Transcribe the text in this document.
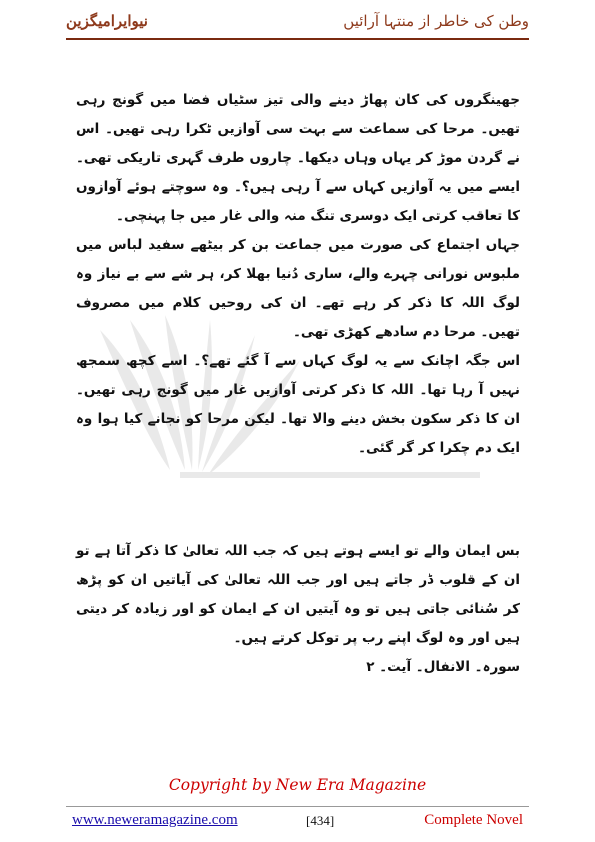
نیوایرامیگزین	وطن کی خاطر از منتہا آرائیں

جھینگروں کی کان پھاڑ دینے والی تیز سٹیاں فضا میں گونج رہی تھیں۔ مرحا کی سماعت سے بہت سی آوازیں ٹکرا رہی تھیں۔ اس نے گردن موڑ کر یہاں وہاں دیکھا۔ چاروں طرف گہری تاریکی تھی۔ ایسے میں یہ آوازیں کہاں سے آ رہی ہیں؟۔ وہ سوچتے ہوئے آوازوں کا تعاقب کرتی ایک دوسری تنگ منہ والی غار میں جا پہنچی۔

جہاں اجتماع کی صورت میں جماعت بن کر بیٹھے سفید لباس میں ملبوس نورانی چہرے والے، ساری دُنیا بھلا کر، ہر شے سے بے نیاز وہ لوگ اللہ کا ذکر کر رہے تھے۔ ان کی روحیں کلام میں مصروف تھیں۔ مرحا دم سادھے کھڑی تھی۔

اس جگہ اچانک سے یہ لوگ کہاں سے آ گئے تھے؟۔ اسے کچھ سمجھ نہیں آ رہا تھا۔ اللہ کا ذکر کرتی آوازیں غار میں گونج رہی تھیں۔ ان کا ذکر سکون بخش دینے والا تھا۔ لیکن مرحا کو نجانے کیا ہوا وہ ایک دم چکرا کر گر گئی۔

بس ایمان والے تو ایسے ہوتے ہیں کہ جب اللہ تعالیٰ کا ذکر آتا ہے تو ان کے قلوب ڈر جاتے ہیں اور جب اللہ تعالیٰ کی آیاتیں ان کو پڑھ کر سُنائی جاتی ہیں تو وہ آیتیں ان کے ایمان کو اور زیادہ کر دیتی ہیں اور وہ لوگ اپنے رب پر توکل کرتے ہیں۔

سورہ۔ الانفال۔ آیت۔ ۲

Copyright by New Era Magazine
www.neweramagazine.com	[434]	Complete Novel
